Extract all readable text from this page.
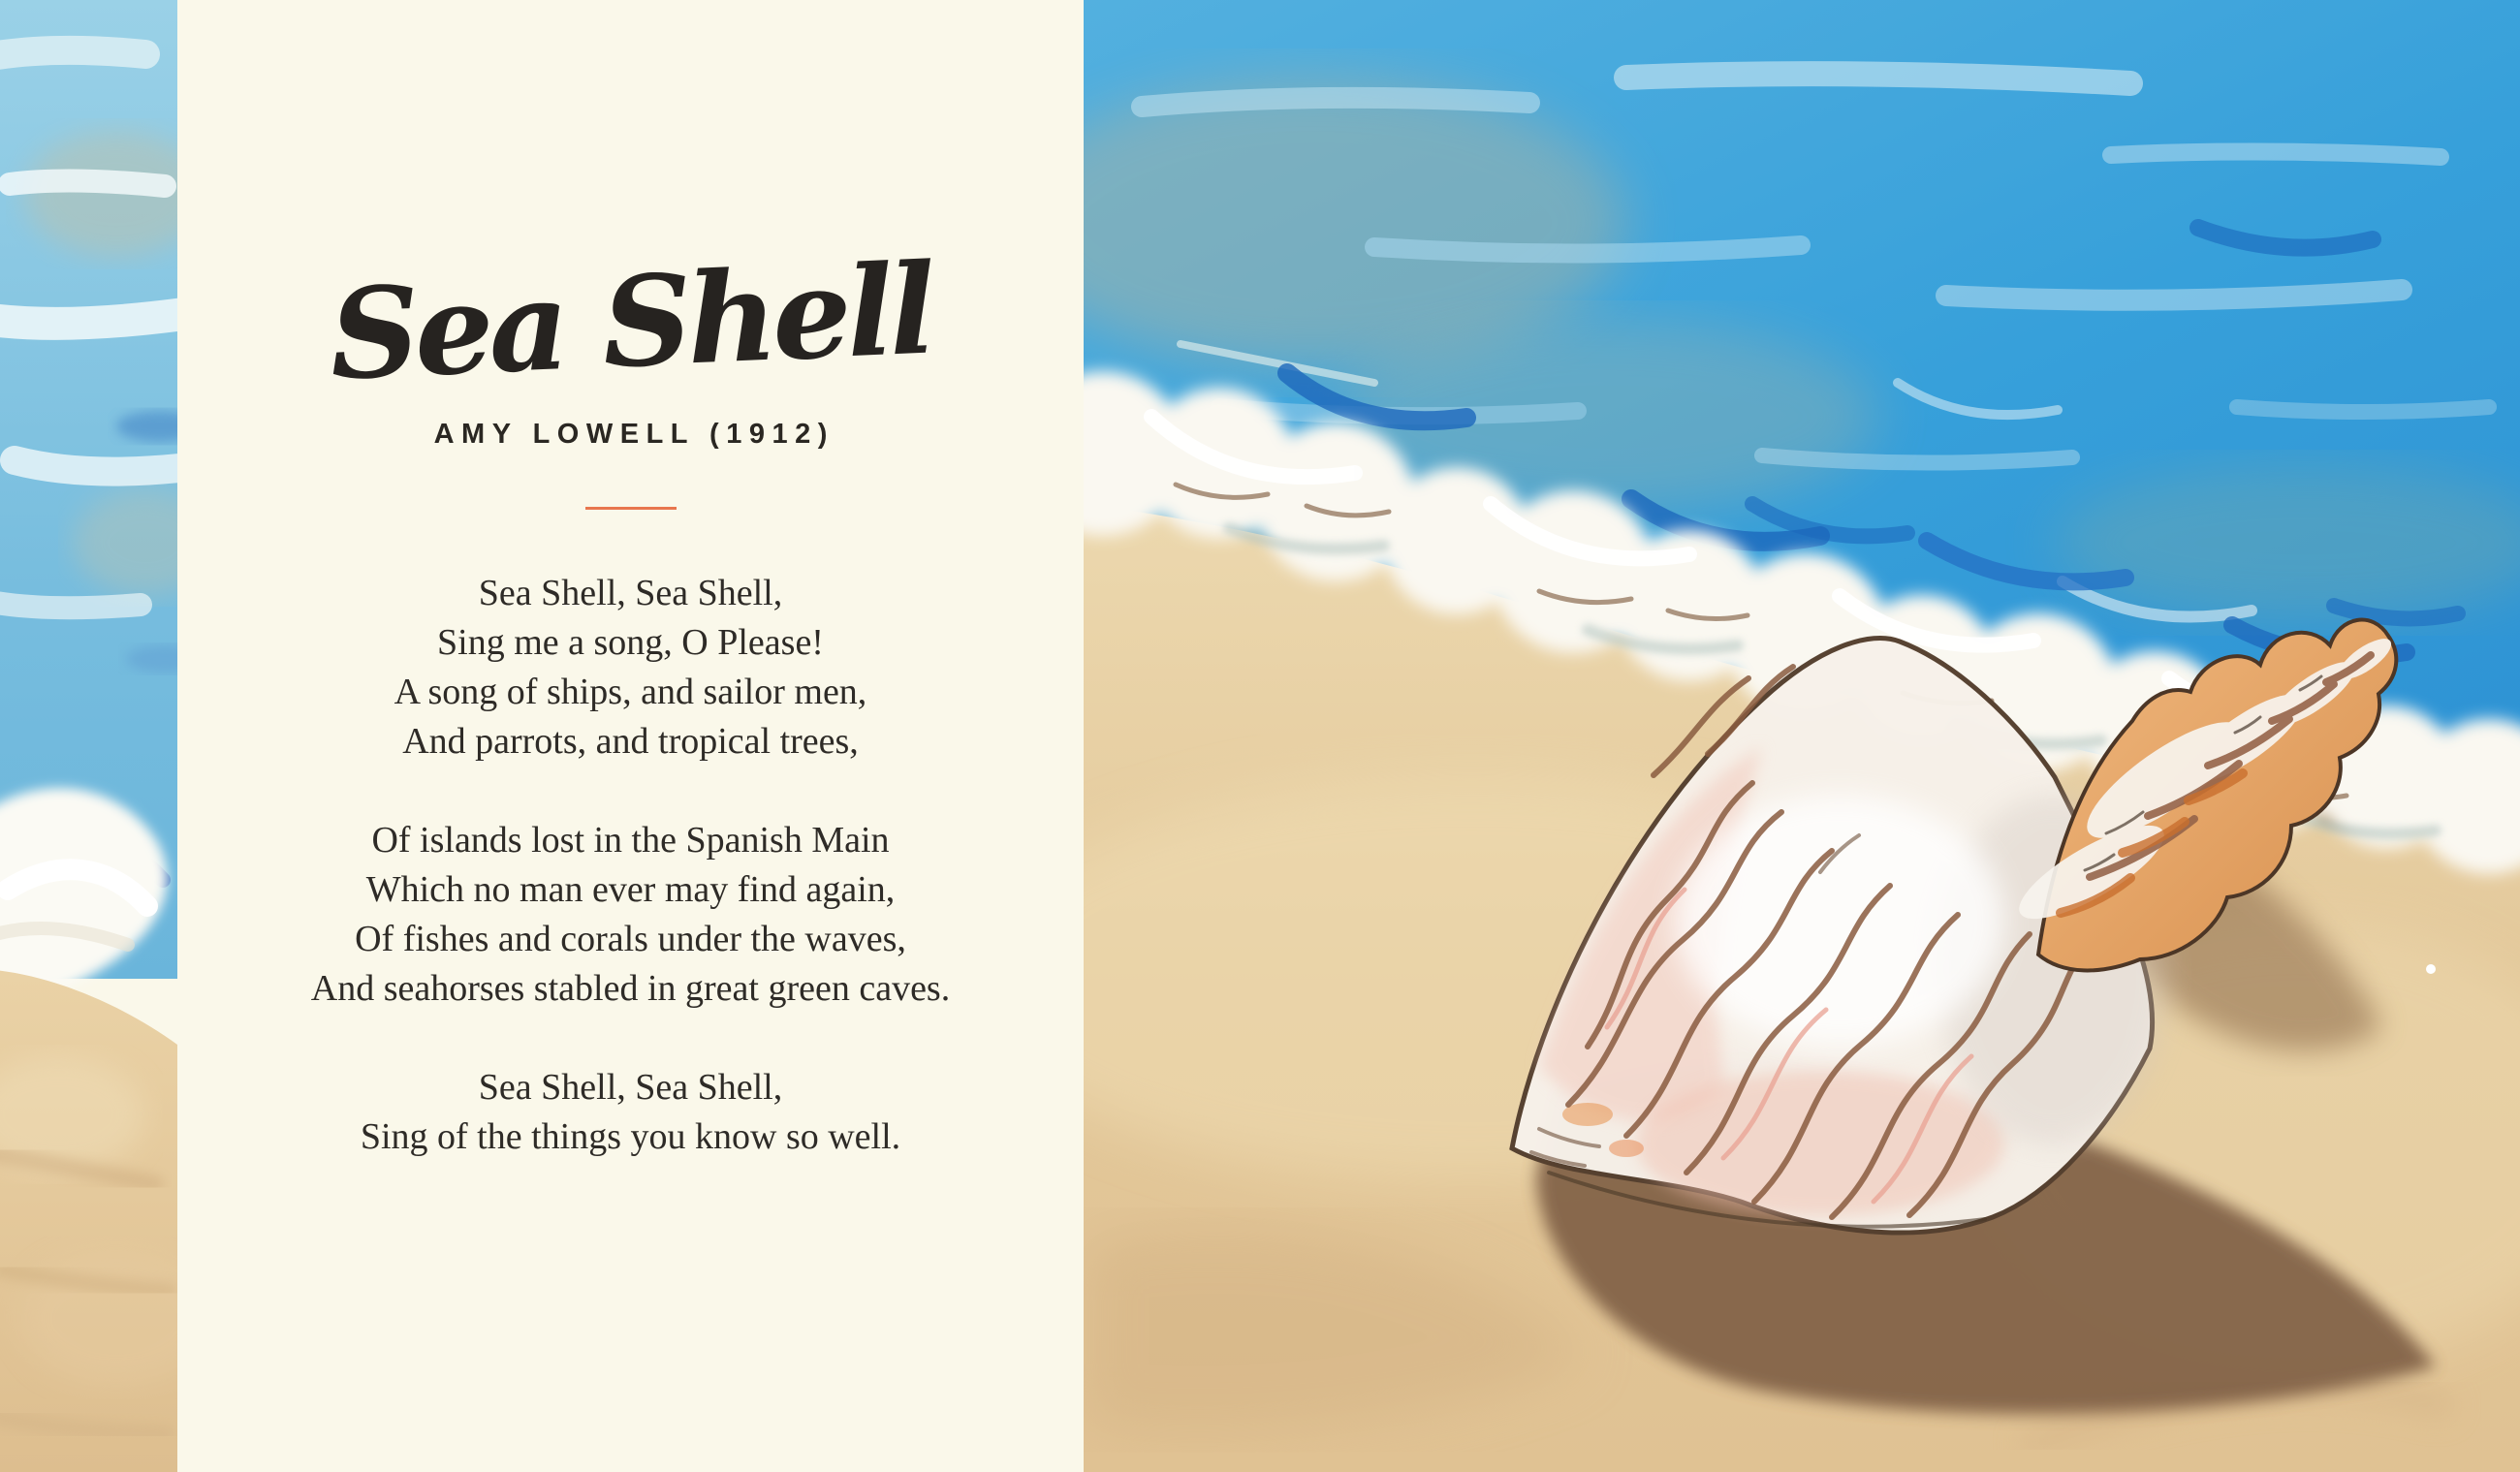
Sea Shell
AMY LOWELL (1912)

Sea Shell, Sea Shell,

Sing me a song, O Please!

A song of ships, and sailor men,

And parrots, and tropical trees,

Of islands lost in the Spanish Main

Which no man ever may find again,

Of fishes and corals under the waves,

And seahorses stabled in great green caves.

Sea Shell, Sea Shell,

Sing of the things you know so well.
